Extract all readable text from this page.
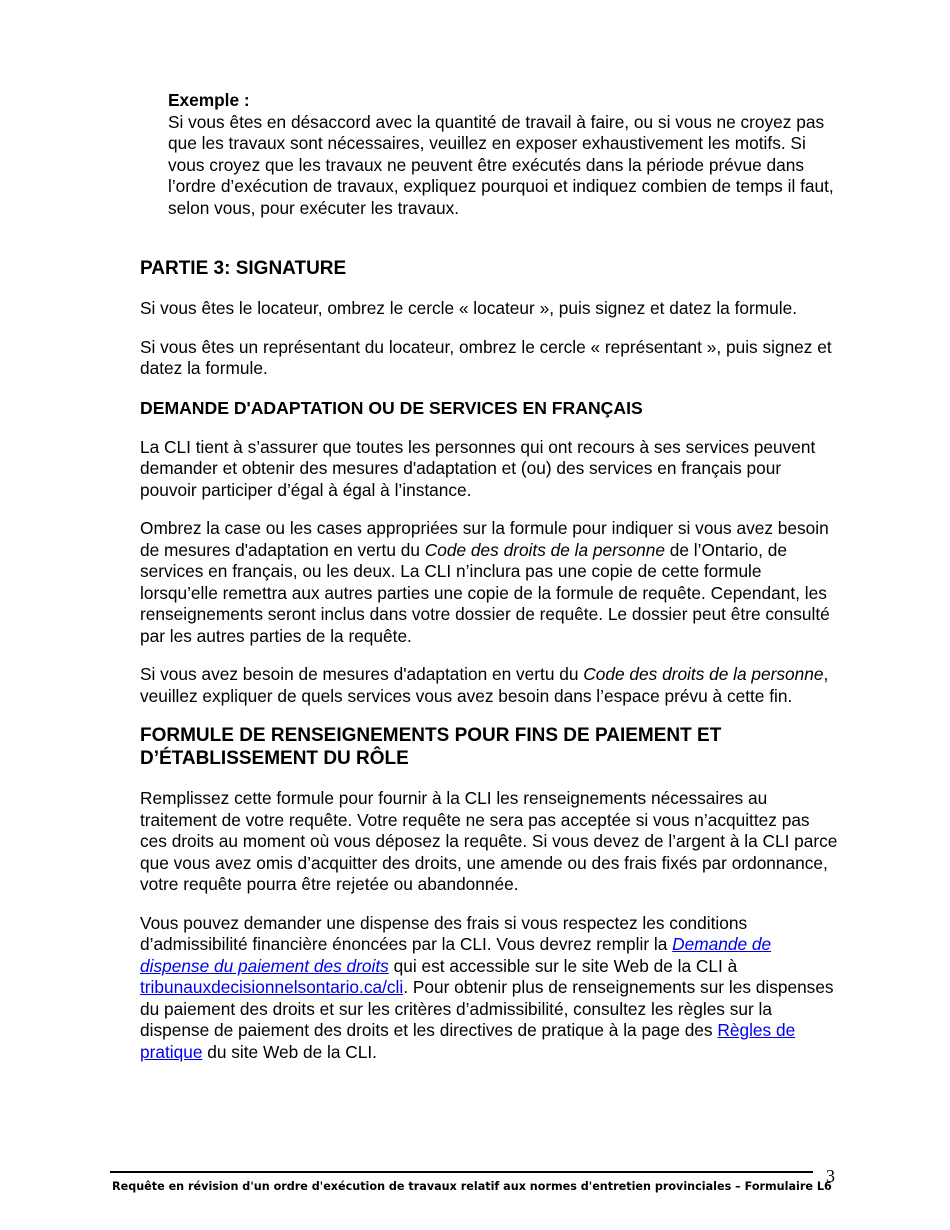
Exemple :
Si vous êtes en désaccord avec la quantité de travail à faire, ou si vous ne croyez pas que les travaux sont nécessaires, veuillez en exposer exhaustivement les motifs. Si vous croyez que les travaux ne peuvent être exécutés dans la période prévue dans l’ordre d’exécution de travaux, expliquez pourquoi et indiquez combien de temps il faut, selon vous, pour exécuter les travaux.
PARTIE 3: SIGNATURE

Si vous êtes le locateur, ombrez le cercle « locateur », puis signez et datez la formule.

Si vous êtes un représentant du locateur, ombrez le cercle « représentant », puis signez et datez la formule.

DEMANDE D'ADAPTATION OU DE SERVICES EN FRANÇAIS

La CLI tient à s’assurer que toutes les personnes qui ont recours à ses services peuvent demander et obtenir des mesures d'adaptation et (ou) des services en français pour pouvoir participer d’égal à égal à l’instance.

Ombrez la case ou les cases appropriées sur la formule pour indiquer si vous avez besoin de mesures d'adaptation en vertu du Code des droits de la personne de l’Ontario, de services en français, ou les deux. La CLI n’inclura pas une copie de cette formule lorsqu’elle remettra aux autres parties une copie de la formule de requête. Cependant, les renseignements seront inclus dans votre dossier de requête. Le dossier peut être consulté par les autres parties de la requête.

Si vous avez besoin de mesures d'adaptation en vertu du Code des droits de la personne, veuillez expliquer de quels services vous avez besoin dans l’espace prévu à cette fin.

FORMULE DE RENSEIGNEMENTS POUR FINS DE PAIEMENT ET D’ÉTABLISSEMENT DU RÔLE

Remplissez cette formule pour fournir à la CLI les renseignements nécessaires au traitement de votre requête. Votre requête ne sera pas acceptée si vous n’acquittez pas ces droits au moment où vous déposez la requête. Si vous devez de l’argent à la CLI parce que vous avez omis d’acquitter des droits, une amende ou des frais fixés par ordonnance, votre requête pourra être rejetée ou abandonnée.

Vous pouvez demander une dispense des frais si vous respectez les conditions d’admissibilité financière énoncées par la CLI. Vous devrez remplir la Demande de dispense du paiement des droits qui est accessible sur le site Web de la CLI à tribunauxdecisionnelsontario.ca/cli. Pour obtenir plus de renseignements sur les dispenses du paiement des droits et sur les critères d’admissibilité, consultez les règles sur la dispense de paiement des droits et les directives de pratique à la page des Règles de pratique du site Web de la CLI.

3
Requête en révision d'un ordre d'exécution de travaux relatif aux normes d'entretien provinciales – Formulaire L6
